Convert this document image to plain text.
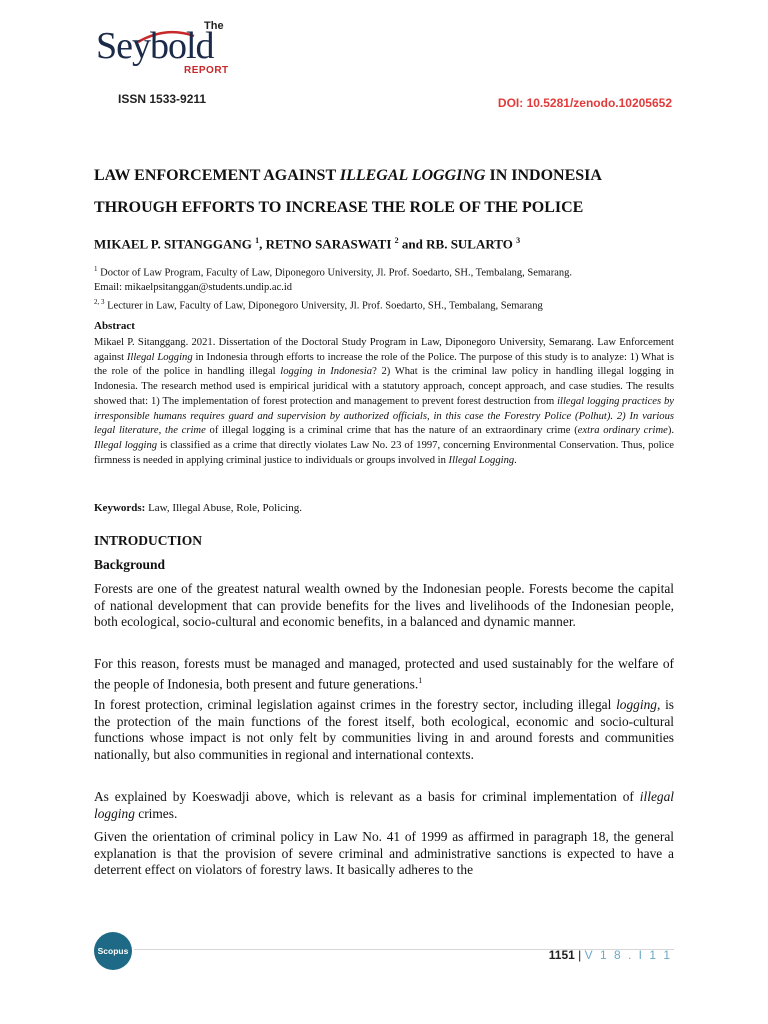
The
Seybold
REPORT
ISSN 1533-9211	DOI: 10.5281/zenodo.10205652
LAW ENFORCEMENT AGAINST ILLEGAL LOGGING IN INDONESIA THROUGH EFFORTS TO INCREASE THE ROLE OF THE POLICE
MIKAEL P. SITANGGANG $^1$, RETNO SARASWATI $^2$ and RB. SULARTO $^3$
$^1$ Doctor of Law Program, Faculty of Law, Diponegoro University, Jl. Prof. Soedarto, SH., Tembalang, Semarang.
Email: mikaelpsitanggan@students.undip.ac.id
$^{2, 3}$ Lecturer in Law, Faculty of Law, Diponegoro University, Jl. Prof. Soedarto, SH., Tembalang, Semarang
Abstract
Mikael P. Sitanggang. 2021. Dissertation of the Doctoral Study Program in Law, Diponegoro University, Semarang. Law Enforcement against Illegal Logging in Indonesia through efforts to increase the role of the Police. The purpose of this study is to analyze: 1) What is the role of the police in handling illegal logging in Indonesia? 2) What is the criminal law policy in handling illegal logging in Indonesia. The research method used is empirical juridical with a statutory approach, concept approach, and case studies. The results showed that: 1) The implementation of forest protection and management to prevent forest destruction from illegal logging practices by irresponsible humans requires guard and supervision by authorized officials, in this case the Forestry Police (Polhut). 2) In various legal literature, the crime of illegal logging is a criminal crime that has the nature of an extraordinary crime (extra ordinary crime). Illegal logging is classified as a crime that directly violates Law No. 23 of 1997, concerning Environmental Conservation. Thus, police firmness is needed in applying criminal justice to individuals or groups involved in Illegal Logging.
Keywords: Law, Illegal Abuse, Role, Policing.
INTRODUCTION
Background
Forests are one of the greatest natural wealth owned by the Indonesian people. Forests become the capital of national development that can provide benefits for the lives and livelihoods of the Indonesian people, both ecological, socio-cultural and economic benefits, in a balanced and dynamic manner.
For this reason, forests must be managed and managed, protected and used sustainably for the welfare of the people of Indonesia, both present and future generations.$^1$
In forest protection, criminal legislation against crimes in the forestry sector, including illegal logging, is the protection of the main functions of the forest itself, both ecological, economic and socio-cultural functions whose impact is not only felt by communities living in and around forests and communities nationally, but also communities in regional and international contexts.
As explained by Koeswadji above, which is relevant as a basis for criminal implementation of illegal logging crimes.
Given the orientation of criminal policy in Law No. 41 of 1999 as affirmed in paragraph 18, the general explanation is that the provision of severe criminal and administrative sanctions is expected to have a deterrent effect on violators of forestry laws. It basically adheres to the
Scopus	1151 | V 1 8 . I 1 1
